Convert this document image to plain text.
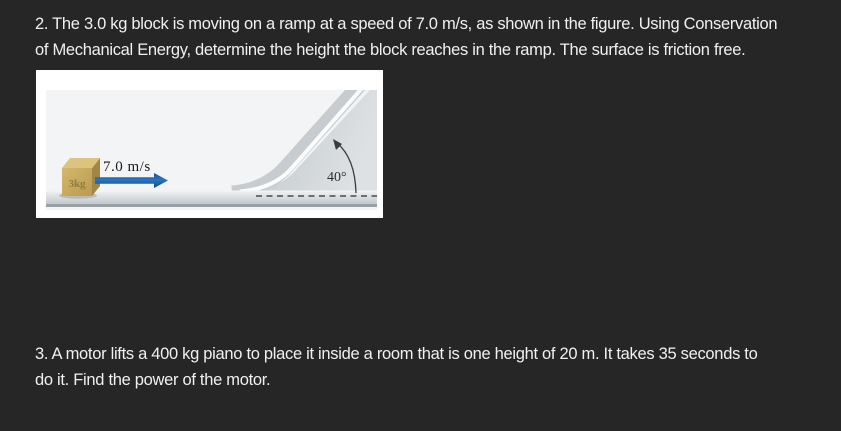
2. The 3.0 kg block is moving on a ramp at a speed of 7.0 m/s, as shown in the figure. Using Conservation
of Mechanical Energy, determine the height the block reaches in the ramp. The surface is friction free.
40°
3kg
7.0 m/s
3. A motor lifts a 400 kg piano to place it inside a room that is one height of 20 m. It takes 35 seconds to
do it. Find the power of the motor.
